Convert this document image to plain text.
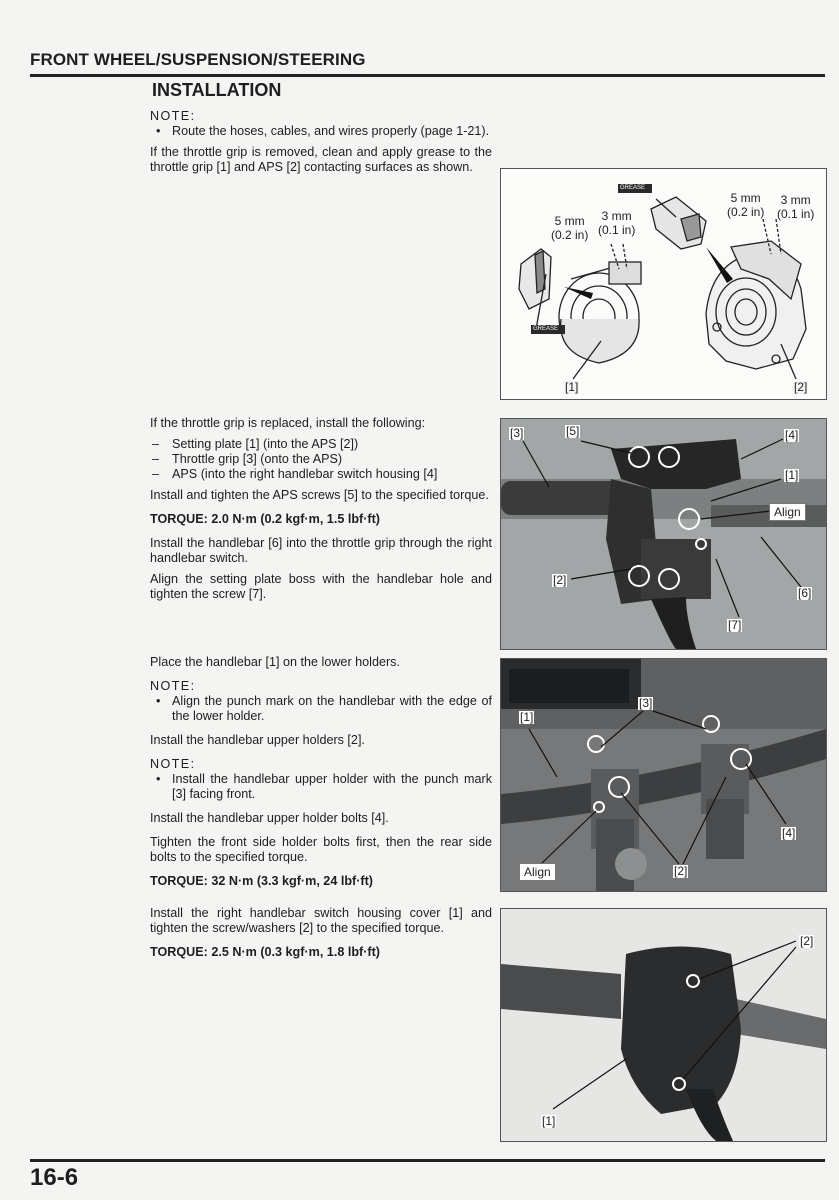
FRONT WHEEL/SUSPENSION/STEERING
INSTALLATION
NOTE:
• Route the hoses, cables, and wires properly (page 1-21).
If the throttle grip is removed, clean and apply grease to the throttle grip [1] and APS [2] contacting surfaces as shown.
GREASE
GREASE
5 mm
(0.2 in)
3 mm
(0.1 in)
5 mm
(0.2 in)
3 mm
(0.1 in)
[1]	[2]
If the throttle grip is replaced, install the following:
– Setting plate [1] (into the APS [2])
– Throttle grip [3] (onto the APS)
– APS (into the right handlebar switch housing [4]
Install and tighten the APS screws [5] to the specified torque.
TORQUE: 2.0 N·m (0.2 kgf·m, 1.5 lbf·ft)
Install the handlebar [6] into the throttle grip through the right handlebar switch.
Align the setting plate boss with the handlebar hole and tighten the screw [7].
[3]	[5]	[4]
[1]
Align
[2]
[6]
[7]
Place the handlebar [1] on the lower holders.
NOTE:
• Align the punch mark on the handlebar with the edge of the lower holder.
Install the handlebar upper holders [2].
NOTE:
• Install the handlebar upper holder with the punch mark [3] facing front.
Install the handlebar upper holder bolts [4].
Tighten the front side holder bolts first, then the rear side bolts to the specified torque.
TORQUE: 32 N·m (3.3 kgf·m, 24 lbf·ft)
[1]
[3]
[4]
Align	[2]
Install the right handlebar switch housing cover [1] and tighten the screw/washers [2] to the specified torque.
TORQUE: 2.5 N·m (0.3 kgf·m, 1.8 lbf·ft)
[2]
[1]
16-6
